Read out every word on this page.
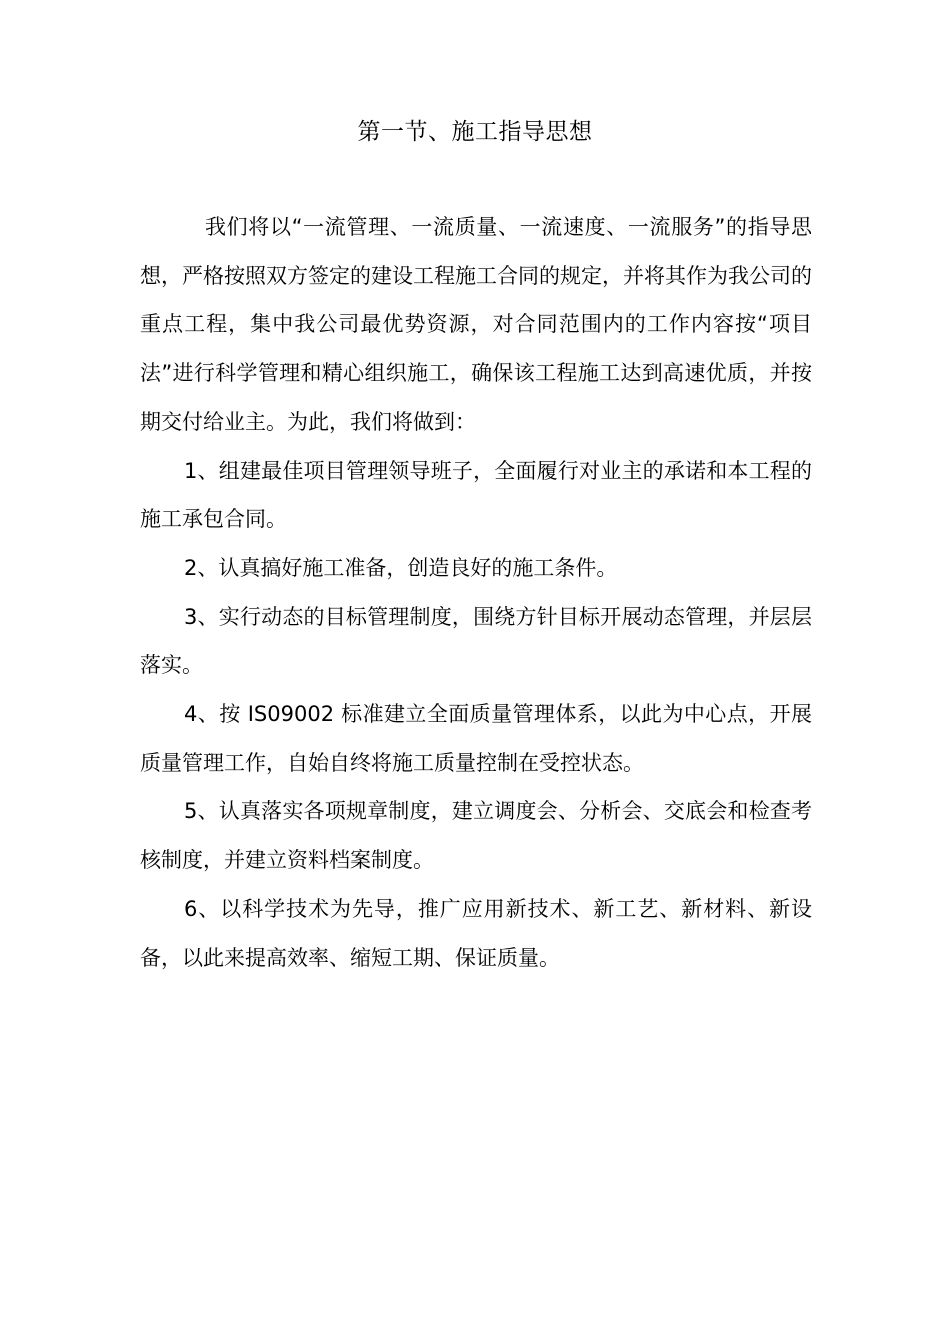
第一节、施工指导思想

我们将以“一流管理、一流质量、一流速度、一流服务”的指导思想，严格按照双方签定的建设工程施工合同的规定，并将其作为我公司的重点工程，集中我公司最优势资源，对合同范围内的工作内容按“项目法”进行科学管理和精心组织施工，确保该工程施工达到高速优质，并按期交付给业主。为此，我们将做到：

1、组建最佳项目管理领导班子，全面履行对业主的承诺和本工程的施工承包合同。

2、认真搞好施工准备，创造良好的施工条件。

3、实行动态的目标管理制度，围绕方针目标开展动态管理，并层层落实。

4、按 IS09002 标准建立全面质量管理体系，以此为中心点，开展质量管理工作，自始自终将施工质量控制在受控状态。

5、认真落实各项规章制度，建立调度会、分析会、交底会和检查考核制度，并建立资料档案制度。

6、以科学技术为先导，推广应用新技术、新工艺、新材料、新设备，以此来提高效率、缩短工期、保证质量。
